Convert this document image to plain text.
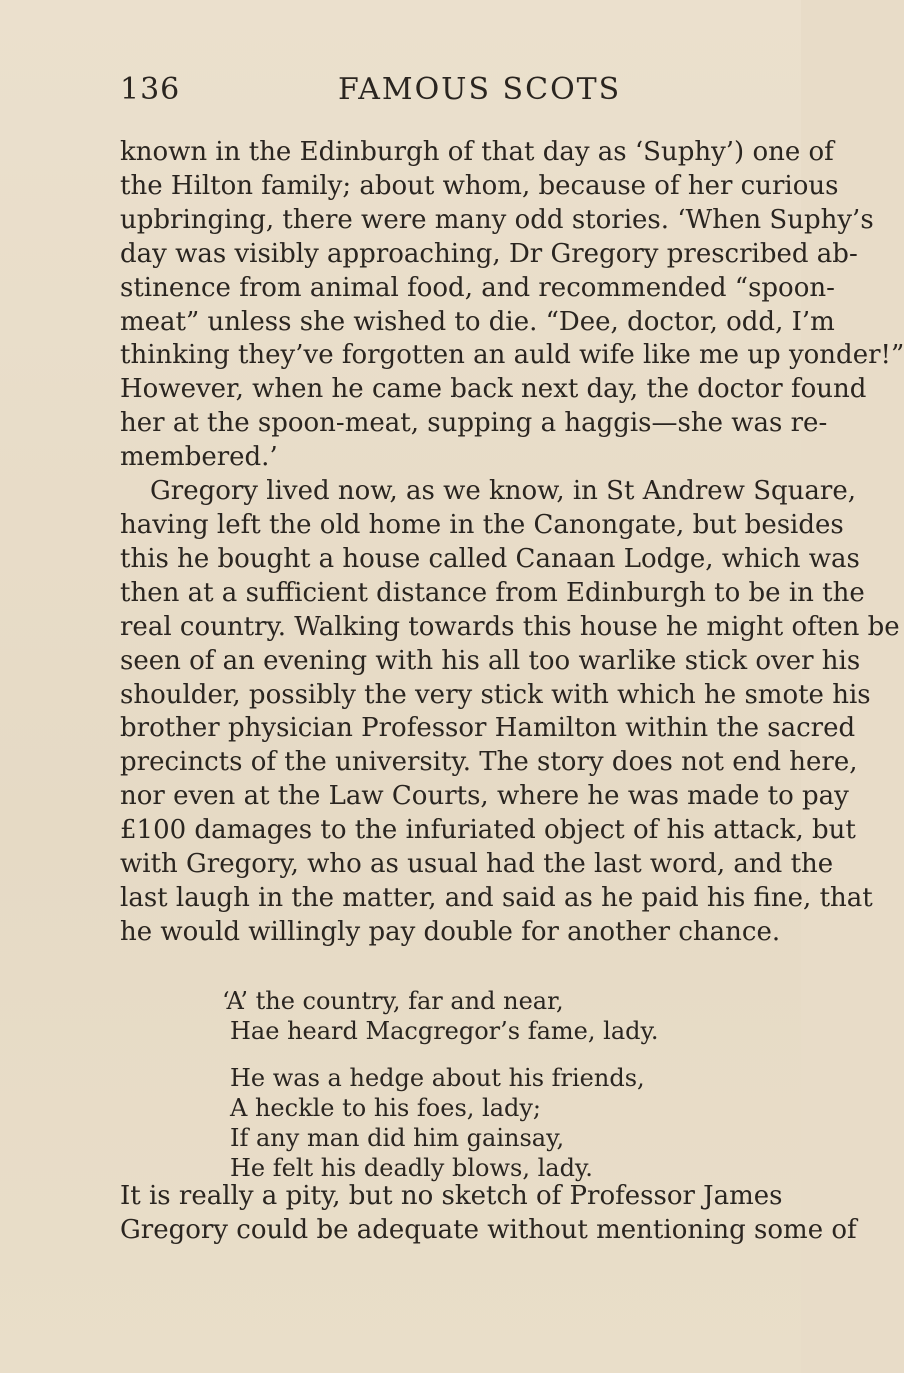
136	FAMOUS SCOTS
known in the Edinburgh of that day as ‘Suphy’) one of
the Hilton family; about whom, because of her curious
upbringing, there were many odd stories. ‘When Suphy’s
day was visibly approaching, Dr Gregory prescribed ab-
stinence from animal food, and recommended “spoon-
meat” unless she wished to die. “Dee, doctor, odd, I’m
thinking they’ve forgotten an auld wife like me up yonder!”
However, when he came back next day, the doctor found
her at the spoon-meat, supping a haggis—she was re-
membered.’
Gregory lived now, as we know, in St Andrew Square,
having left the old home in the Canongate, but besides
this he bought a house called Canaan Lodge, which was
then at a sufficient distance from Edinburgh to be in the
real country. Walking towards this house he might often be
seen of an evening with his all too warlike stick over his
shoulder, possibly the very stick with which he smote his
brother physician Professor Hamilton within the sacred
precincts of the university. The story does not end here,
nor even at the Law Courts, where he was made to pay
£100 damages to the infuriated object of his attack, but
with Gregory, who as usual had the last word, and the
last laugh in the matter, and said as he paid his fine, that
he would willingly pay double for another chance.
‘A’ the country, far and near,
Hae heard Macgregor’s fame, lady.
He was a hedge about his friends,
A heckle to his foes, lady;
If any man did him gainsay,
He felt his deadly blows, lady.
It is really a pity, but no sketch of Professor James
Gregory could be adequate without mentioning some of
